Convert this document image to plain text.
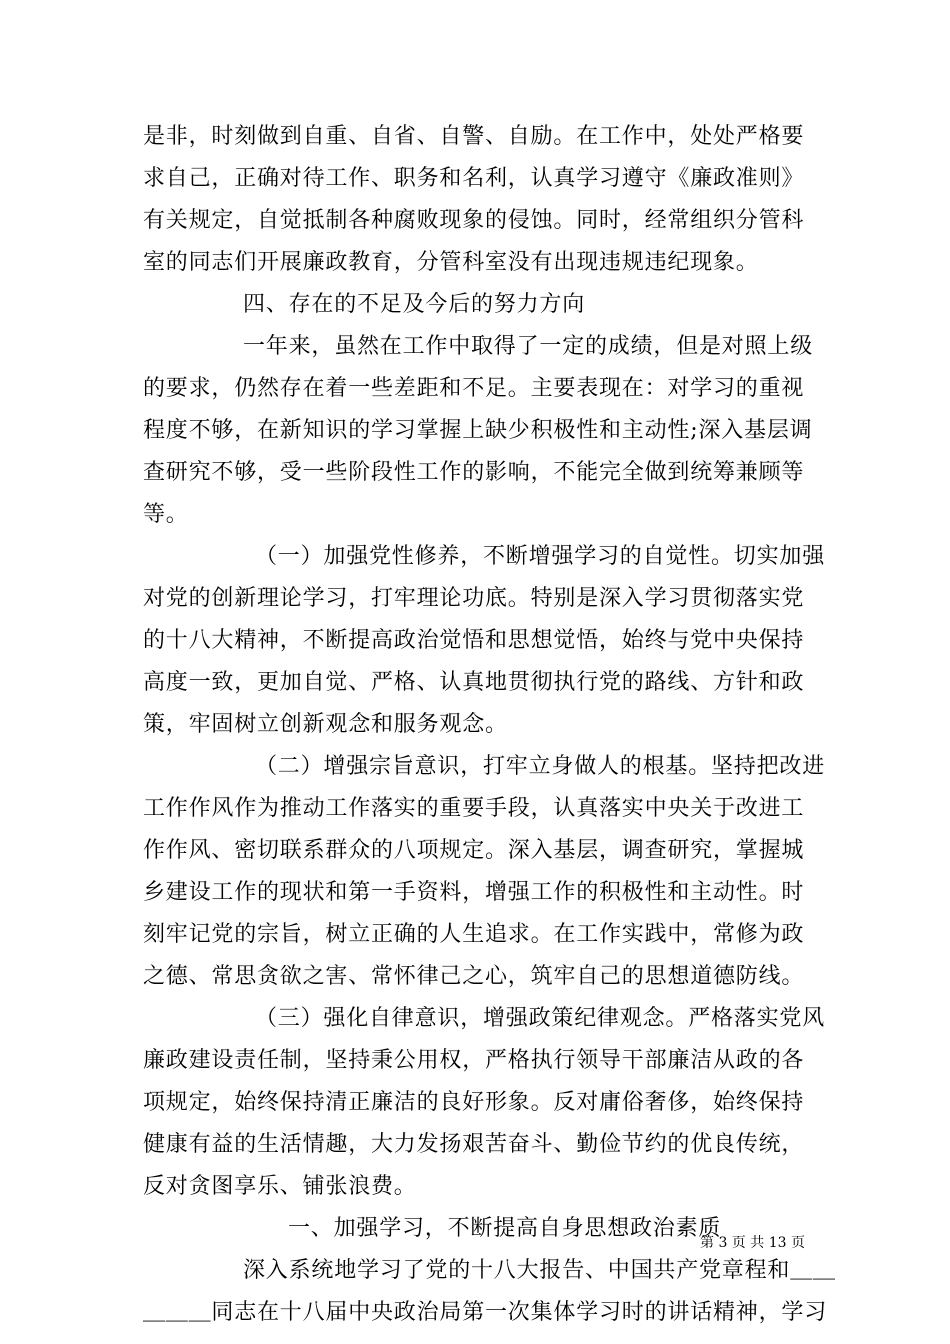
是非，时刻做到自重、自省、自警、自励。在工作中，处处严格要
求自己，正确对待工作、职务和名利，认真学习遵守《廉政准则》
有关规定，自觉抵制各种腐败现象的侵蚀。同时，经常组织分管科
室的同志们开展廉政教育，分管科室没有出现违规违纪现象。
四、存在的不足及今后的努力方向
一年来，虽然在工作中取得了一定的成绩，但是对照上级
的要求，仍然存在着一些差距和不足。主要表现在：对学习的重视
程度不够，在新知识的学习掌握上缺少积极性和主动性;深入基层调
查研究不够，受一些阶段性工作的影响，不能完全做到统筹兼顾等
等。
（一）加强党性修养，不断增强学习的自觉性。切实加强
对党的创新理论学习，打牢理论功底。特别是深入学习贯彻落实党
的十八大精神，不断提高政治觉悟和思想觉悟，始终与党中央保持
高度一致，更加自觉、严格、认真地贯彻执行党的路线、方针和政
策，牢固树立创新观念和服务观念。
（二）增强宗旨意识，打牢立身做人的根基。坚持把改进
工作作风作为推动工作落实的重要手段，认真落实中央关于改进工
作作风、密切联系群众的八项规定。深入基层，调查研究，掌握城
乡建设工作的现状和第一手资料，增强工作的积极性和主动性。时
刻牢记党的宗旨，树立正确的人生追求。在工作实践中，常修为政
之德、常思贪欲之害、常怀律己之心，筑牢自己的思想道德防线。
（三）强化自律意识，增强政策纪律观念。严格落实党风
廉政建设责任制，坚持秉公用权，严格执行领导干部廉洁从政的各
项规定，始终保持清正廉洁的良好形象。反对庸俗奢侈，始终保持
健康有益的生活情趣，大力发扬艰苦奋斗、勤俭节约的优良传统，
反对贪图享乐、铺张浪费。
一、加强学习，不断提高自身思想政治素质
深入系统地学习了党的十八大报告、中国共产党章程和＿＿
＿＿＿同志在十八届中央政治局第一次集体学习时的讲话精神，学习
第 3 页 共 13 页
